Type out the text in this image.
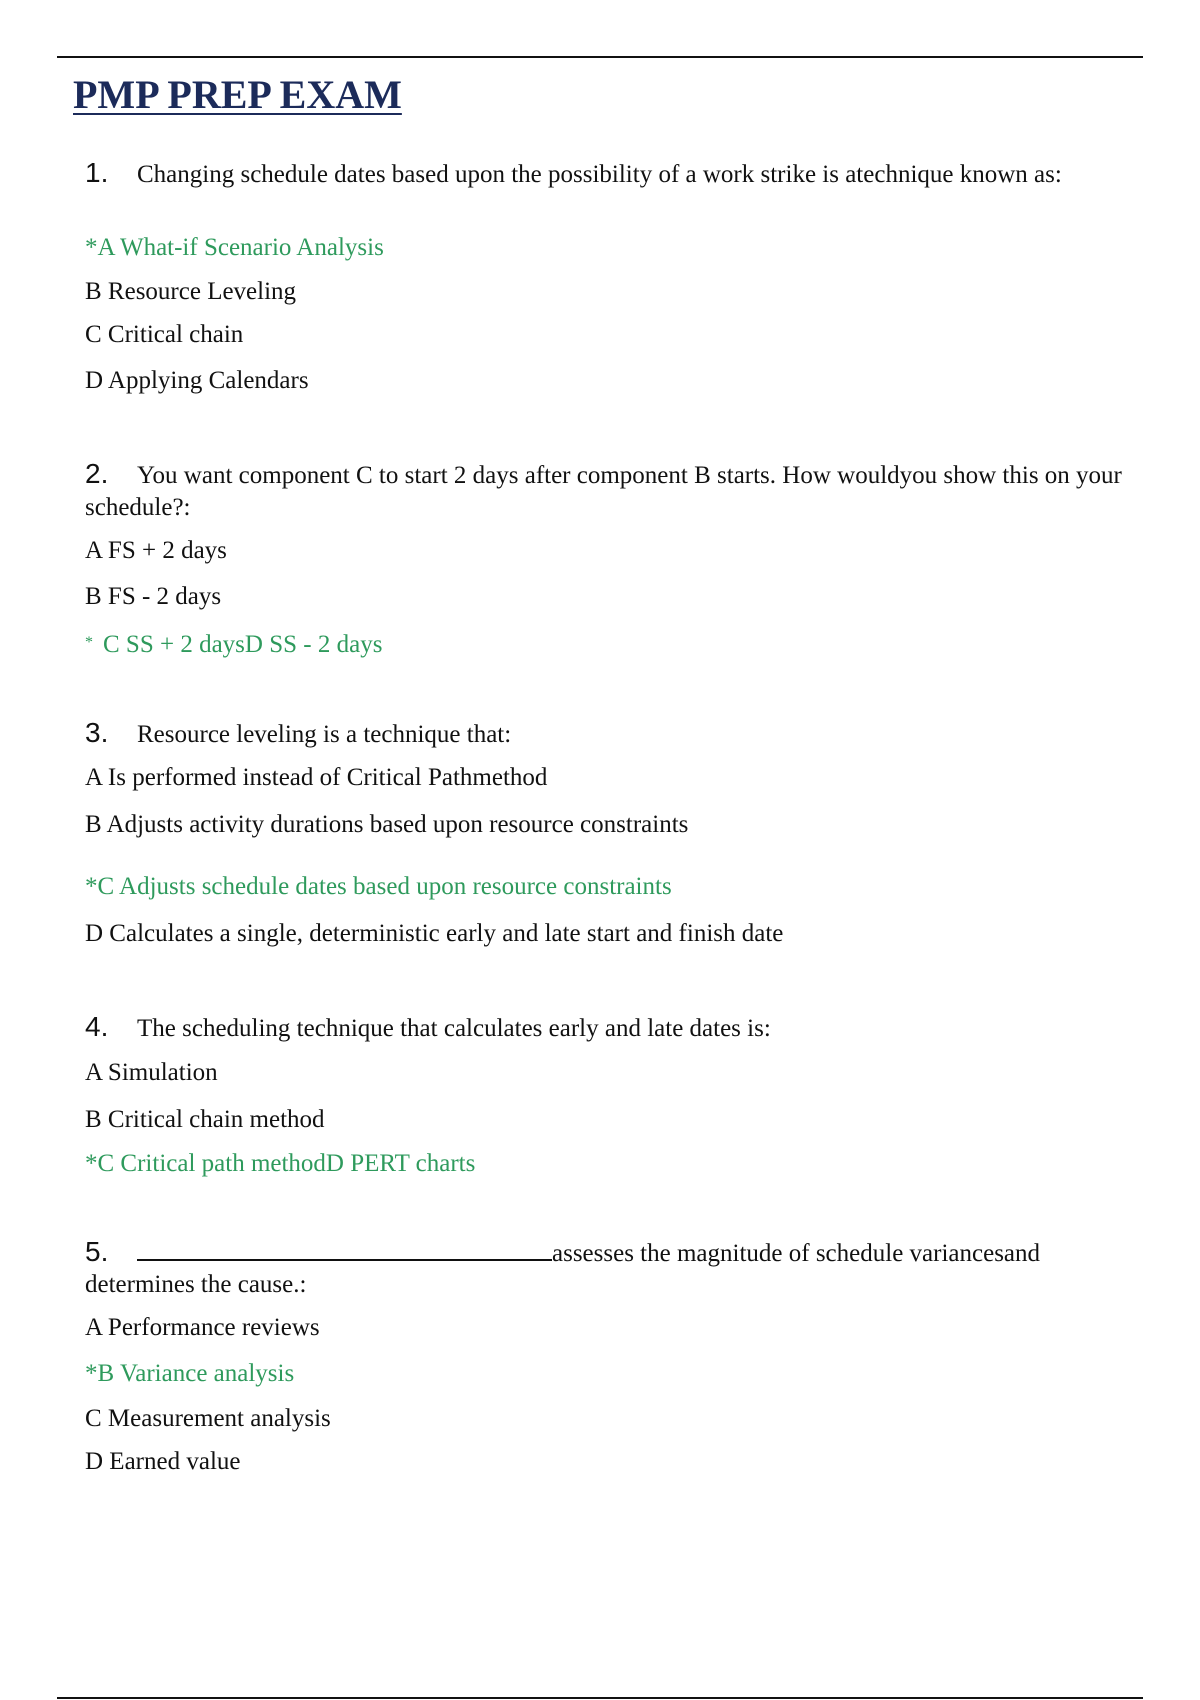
PMP PREP EXAM
1. Changing schedule dates based upon the possibility of a work strike is atechnique known as:
*A What-if Scenario Analysis
B Resource Leveling
C Critical chain
D Applying Calendars
2. You want component C to start 2 days after component B starts. How wouldyou show this on your schedule?:
A FS + 2 days
B FS - 2 days
* C SS + 2 daysD SS - 2 days
3. Resource leveling is a technique that:
A Is performed instead of Critical Pathmethod
B Adjusts activity durations based upon resource constraints
*C Adjusts schedule dates based upon resource constraints
D Calculates a single, deterministic early and late start and finish date
4. The scheduling technique that calculates early and late dates is:
A Simulation
B Critical chain method
*C Critical path methodD PERT charts
5.	assesses the magnitude of schedule variancesand
determines the cause.:
A Performance reviews
*B Variance analysis
C Measurement analysis
D Earned value
